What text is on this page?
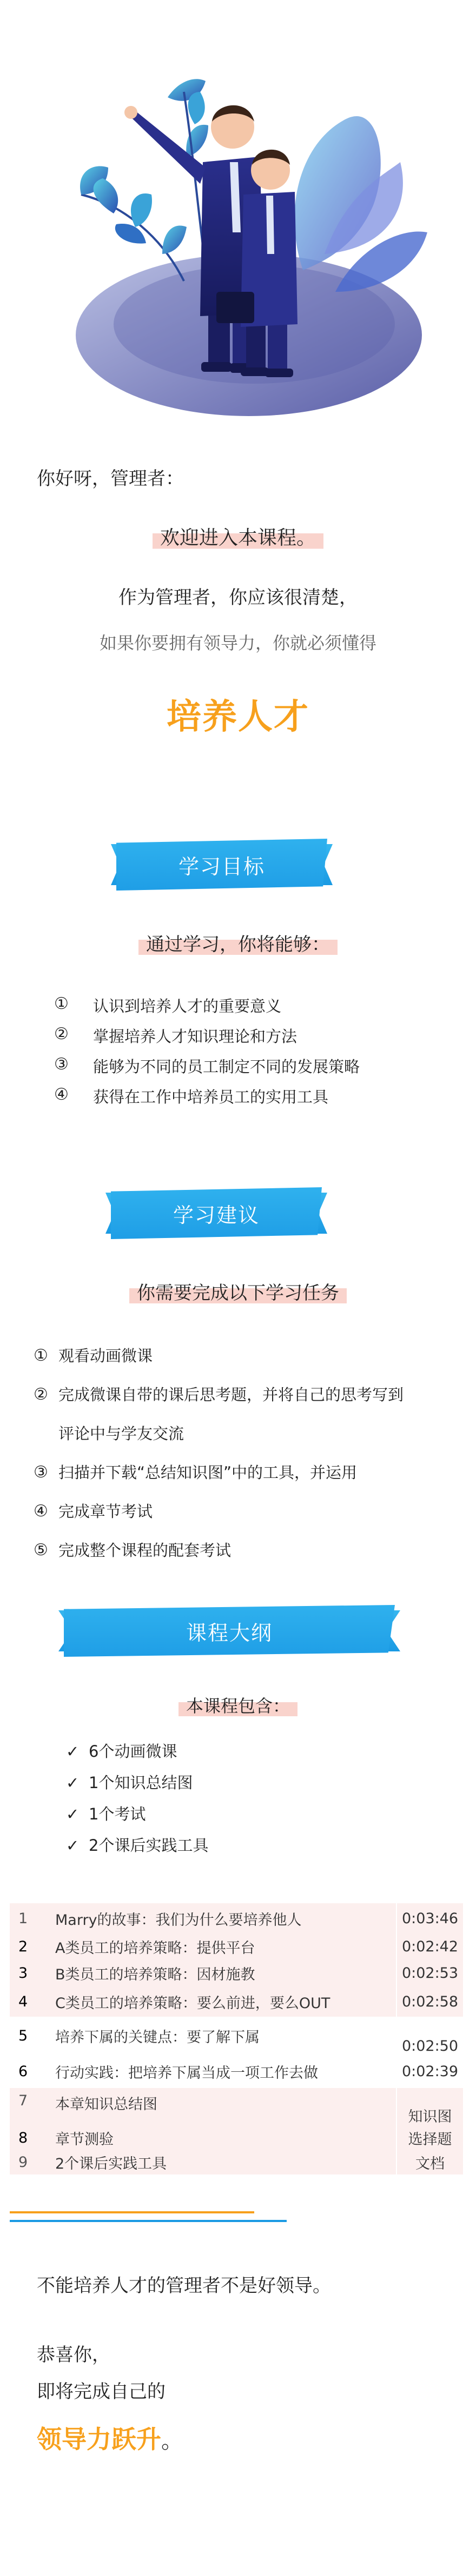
你好呀，管理者：
欢迎进入本课程。
作为管理者，你应该很清楚，
如果你要拥有领导力，你就必须懂得
培养人才
学习目标
通过学习，你将能够：
①	认识到培养人才的重要意义
②	掌握培养人才知识理论和方法
③	能够为不同的员工制定不同的发展策略
④	获得在工作中培养员工的实用工具
学习建议
你需要完成以下学习任务
① 观看动画微课
② 完成微课自带的课后思考题，并将自己的思考写到
评论中与学友交流
③ 扫描并下载“总结知识图”中的工具，并运用
④ 完成章节考试
⑤ 完成整个课程的配套考试
课程大纲
本课程包含：
✓ 6个动画微课
✓ 1个知识总结图
✓ 1个考试
✓ 2个课后实践工具
1	Marry的故事：我们为什么要培养他人	0:03:46
2	A类员工的培养策略：提供平台	0:02:42
3	B类员工的培养策略：因材施教	0:02:53
4	C类员工的培养策略：要么前进，要么OUT	0:02:58
5	培养下属的关键点：要了解下属	0:02:50
6	行动实践：把培养下属当成一项工作去做	0:02:39
7	本章知识总结图	知识图
8	章节测验	选择题
9	2个课后实践工具	文档
不能培养人才的管理者不是好领导。
恭喜你，
即将完成自己的
领导力跃升。
